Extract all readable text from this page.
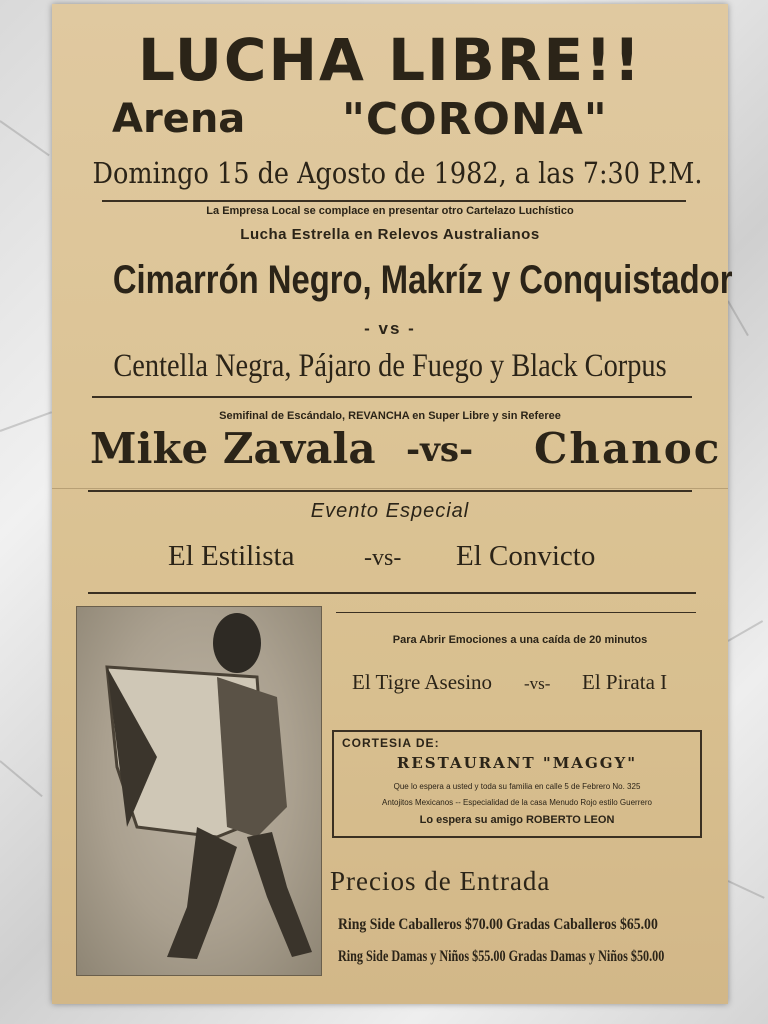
LUCHA LIBRE!!
Arena "CORONA"
Domingo 15 de Agosto de 1982, a las 7:30 P.M.
La Empresa Local se complace en presentar otro Cartelazo Luchístico
Lucha Estrella en Relevos Australianos
Cimarrón Negro, Makríz y Conquistador
- vs -
Centella Negra, Pájaro de Fuego y Black Corpus
Semifinal de Escándalo, REVANCHA en Super Libre y sin Referee
Mike Zavala -vs- Chanoc
Evento Especial
El Estilista	-vs- El Convicto
Para Abrir Emociones a una caída de 20 minutos
El Tigre Asesino -vs- El Pirata I
CORTESIA DE:
RESTAURANT "MAGGY"
Que lo espera a usted y toda su familia en calle 5 de Febrero No. 325
Antojitos Mexicanos -- Especialidad de la casa Menudo Rojo estilo Guerrero
Lo espera su amigo ROBERTO LEON
Precios de Entrada
Ring Side Caballeros $70.00 Gradas Caballeros $65.00
Ring Side Damas y Niños $55.00 Gradas Damas y Niños $50.00
